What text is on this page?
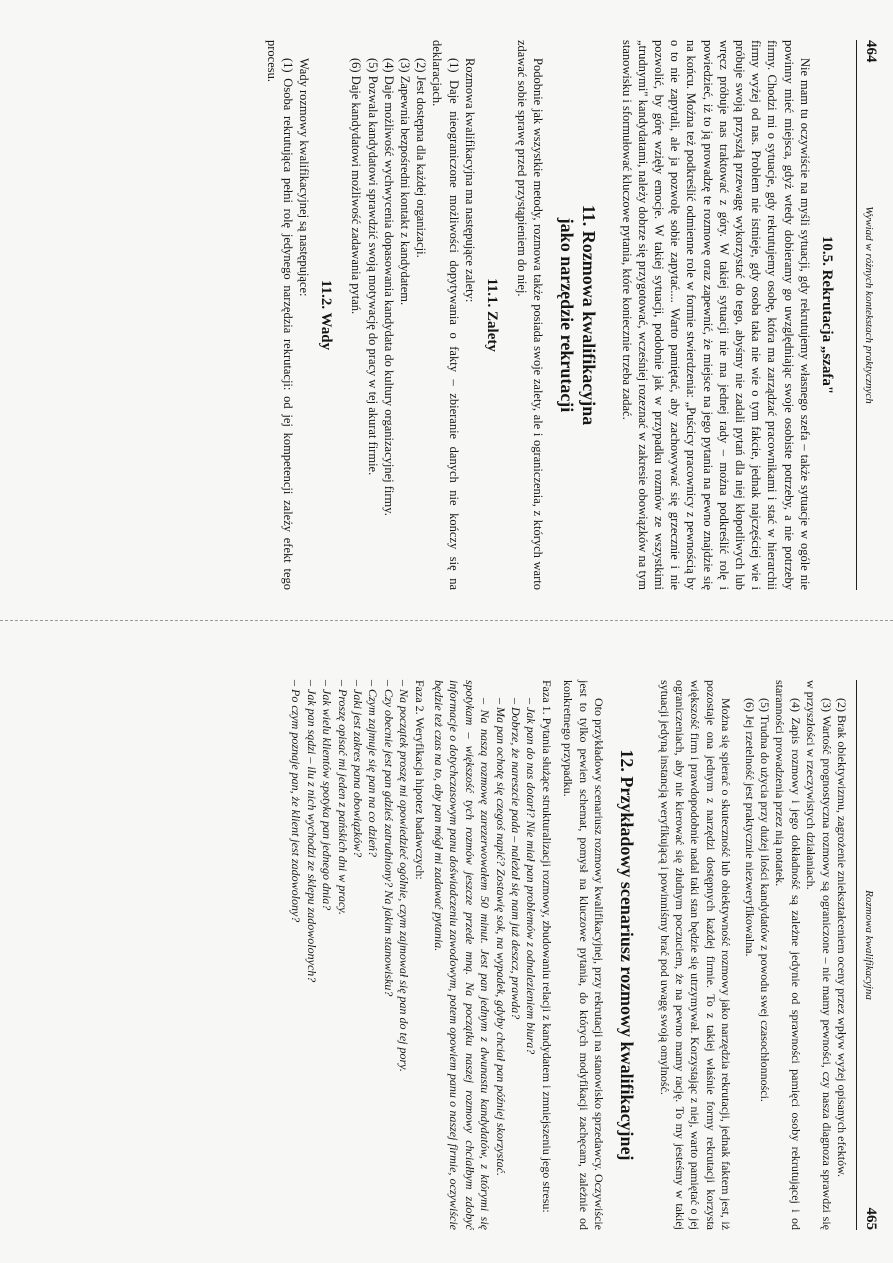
464
Wywiad w różnych kontekstach praktycznych
10.5. Rekrutacja „szafa"

Nie mam tu oczywiście na myśli sytuacji, gdy rekrutujemy własnego szefa – także sytuacje w ogóle nie powinny mieć miejsca, gdyż wtedy dobieramy go uwzględniając swoje osobiste potrzeby, a nie potrzeby firmy. Chodzi mi o sytuacje, gdy rekrutujemy osobę, która ma zarządzać pracownikami i stać w hierarchii firmy wyżej od nas. Problem nie istnieje, gdy osoba taka nie wie o tym fakcie, jednak najczęściej wie i próbuje swoją przyszłą przewagę wykorzystać do tego, abyśmy nie zadali pytań dla niej kłopotliwych lub wręcz próbuje nas traktować z góry. W takiej sytuacji nie ma jednej rady – można podkreślić rolę i powiedzieć, iż to ją prowadzę te rozmowę oraz zapewnić, że miejsce na jego pytania na pewno znajdzie się na końcu. Można też podkreślić odmienne role w formie stwierdzenia: „Puścicy pracownicy z pewnością by o to nie zapytali, ale ja pozwolę sobie zapytać.... Warto pamiętać, aby zachowywać się grzecznie i nie pozwolić, by górę wzięły emocje. W takiej sytuacji, podobnie jak w przypadku rozmów ze wszystkimi „trudnymi" kandydatami, należy dobrze się przygotować, wcześniej rozeznać w zakresie obowiązków na tym stanowisku i sformułować kluczowe pytania, które koniecznie trzeba zadać.

11. Rozmowa kwalifikacyjna
jako narzędzie rekrutacji

Podobnie jak wszystkie metody, rozmowa także posiada swoje zalety, ale i ograniczenia, z których warto zdawać sobie sprawę przed przystąpieniem do niej.

11.1. Zalety

Rozmowa kwalifikacyjna ma następujące zalety:

(1) Daje nieograniczone możliwości dopytywania o fakty – zbieranie danych nie kończy się na deklaracjach.

(2) Jest dostępna dla każdej organizacji.

(3) Zapewnia bezpośredni kontakt z kandydatem.

(4) Daje możliwość wychwycenia dopasowania kandydata do kultury organizacyjnej firmy.

(5) Pozwala kandydatowi sprawdzić swoją motywację do pracy w tej akurat firmie.

(6) Daje kandydatowi możliwość zadawania pytań.

11.2. Wady

Wady rozmowy kwalifikacyjnej są następujące:

(1) Osoba rekrutująca pełni rolę jedynego narzędzia rekrutacji: od jej kompetencji zależy efekt tego procesu.

465
Rozmowa kwalifikacyjna

(2) Brak obiektywizmu, zagrożenie zniekształceniem oceny przez wpływ wyżej opisanych efektów.

(3) Wartość prognostyczna rozmowy są ograniczone – nie mamy pewności, czy nasza diagnoza sprawdzi się w przyszłości w rzeczywistych działaniach.

(4) Zapis rozmowy i jego dokładność są zależne jedynie od sprawności pamięci osoby rekrutującej i od staranności prowadzenia przez nią notatek.

(5) Trudna do użycia przy dużej ilości kandydatów z powodu swej czasochłonności.

(6) Jej rzetelność jest praktycznie niezweryfikowalna.

Można się spierać o skuteczność lub obiektywność rozmowy jako narzędzia rekrutacji, jednak faktem jest, iż pozostaje ona jednym z narzędzi dostępnych każdej firmie. To z takiej właśnie formy rekrutacji korzysta większość firm i prawdopodobnie nadal taki stan będzie się utrzymywał. Korzystając z niej, warto pamiętać o jej ograniczeniach, aby nie kierować się złudnym poczuciem, że na pewno mamy rację. To my jesteśmy w takiej sytuacji jedyną instancją weryfikującą i powinniśmy brać pod uwagę swoją omylność.

12. Przykładowy scenariusz rozmowy kwalifikacyjnej

Oto przykładowy scenariusz rozmowy kwalifikacyjnej, przy rekrutacji na stanowisko sprzedawcy. Oczywiście jest to tylko pewien schemat, pomysł na kluczowe pytania, do których modyfikacji zachęcam, zależnie od konkretnego przypadku.

Faza 1. Pytania służące strukturalizacji rozmowy, zbudowaniu relacji z kandydatem i zmniejszeniu jego stresu:

– Jak pan do nas dotarł? Nie miał pan problemów z odnalezieniem biura?

– Dobrze, że nareszcie pada – należał się nam już deszcz, prawda?

– Ma pan ochotę się czegoś napić? Zostawię sok, na wypadek, gdyby chciał pan później skorzystać.

– Na naszą rozmowę zarezerwowałem 50 minut. Jest pan jednym z dwunastu kandydatów, z którymi się spotykam – większość tych rozmów jeszcze przede mną. Na początku naszej rozmowy chciałbym zdobyć informacje o dotychczasowym panu doświadczeniu zawodowym, potem opowiem panu o naszej firmie, oczywiście będzie też czas na to, aby pan mógł mi zadawać pytania.

Faza 2. Weryfikacja hipotez badawczych:

– Na początek proszę mi opowiedzieć ogólnie, czym zajmował się pan do tej pory.

– Czy obecnie jest pan gdzieś zatrudniony? Na jakim stanowisku?

– Czym zajmuje się pan na co dzień?

– Jaki jest zakres pana obowiązków?

– Proszę opisać mi jeden z pańskich dni w pracy.

– Jak wielu klientów spotyka pan jednego dnia?

– Jak pan sądzi – ilu z nich wychodzi ze sklepu zadowolonych?

– Po czym poznaje pan, że klient jest zadowolony?
